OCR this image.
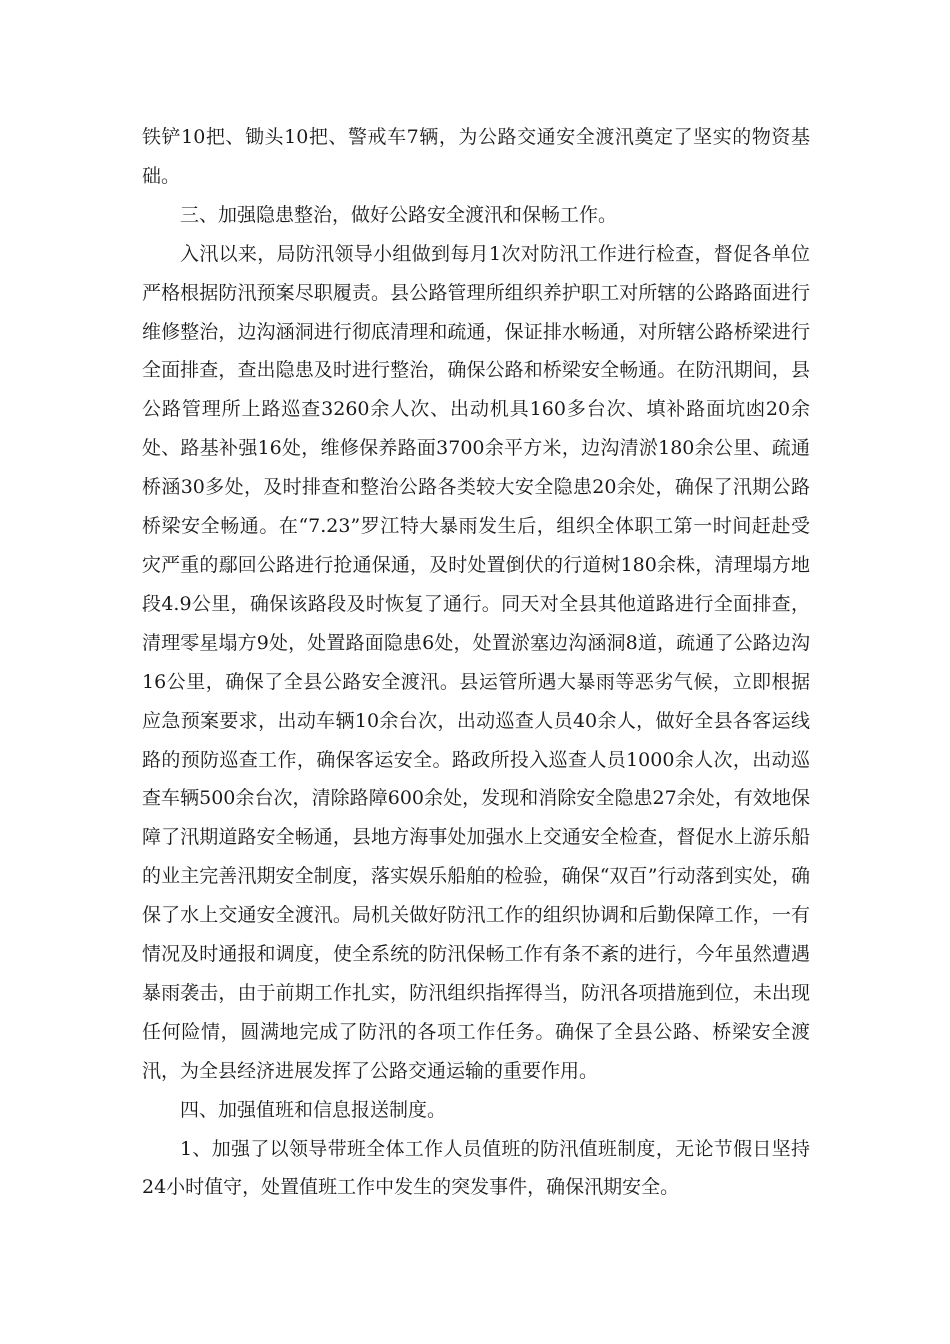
铁铲10把、锄头10把、警戒车7辆，为公路交通安全渡汛奠定了坚实的物资基础。

三、加强隐患整治，做好公路安全渡汛和保畅工作。

入汛以来，局防汛领导小组做到每月1次对防汛工作进行检查，督促各单位严格根据防汛预案尽职履责。县公路管理所组织养护职工对所辖的公路路面进行维修整治，边沟涵洞进行彻底清理和疏通，保证排水畅通，对所辖公路桥梁进行全面排查，查出隐患及时进行整治，确保公路和桥梁安全畅通。在防汛期间，县公路管理所上路巡查3260余人次、出动机具160多台次、填补路面坑凼20余处、路基补强16处，维修保养路面3700余平方米，边沟清淤180余公里、疏通桥涵30多处，及时排查和整治公路各类较大安全隐患20余处，确保了汛期公路桥梁安全畅通。在“7.23”罗江特大暴雨发生后，组织全体职工第一时间赶赴受灾严重的鄢回公路进行抢通保通，及时处置倒伏的行道树180余株，清理塌方地段4.9公里，确保该路段及时恢复了通行。同天对全县其他道路进行全面排查，清理零星塌方9处，处置路面隐患6处，处置淤塞边沟涵洞8道，疏通了公路边沟16公里，确保了全县公路安全渡汛。县运管所遇大暴雨等恶劣气候，立即根据应急预案要求，出动车辆10余台次，出动巡查人员40余人，做好全县各客运线路的预防巡查工作，确保客运安全。路政所投入巡查人员1000余人次，出动巡查车辆500余台次，清除路障600余处，发现和消除安全隐患27余处，有效地保障了汛期道路安全畅通，县地方海事处加强水上交通安全检查，督促水上游乐船的业主完善汛期安全制度，落实娱乐船舶的检验，确保“双百”行动落到实处，确保了水上交通安全渡汛。局机关做好防汛工作的组织协调和后勤保障工作，一有情况及时通报和调度，使全系统的防汛保畅工作有条不紊的进行，今年虽然遭遇暴雨袭击，由于前期工作扎实，防汛组织指挥得当，防汛各项措施到位，未出现任何险情，圆满地完成了防汛的各项工作任务。确保了全县公路、桥梁安全渡汛，为全县经济进展发挥了公路交通运输的重要作用。

四、加强值班和信息报送制度。

1、加强了以领导带班全体工作人员值班的防汛值班制度，无论节假日坚持24小时值守，处置值班工作中发生的突发事件，确保汛期安全。
